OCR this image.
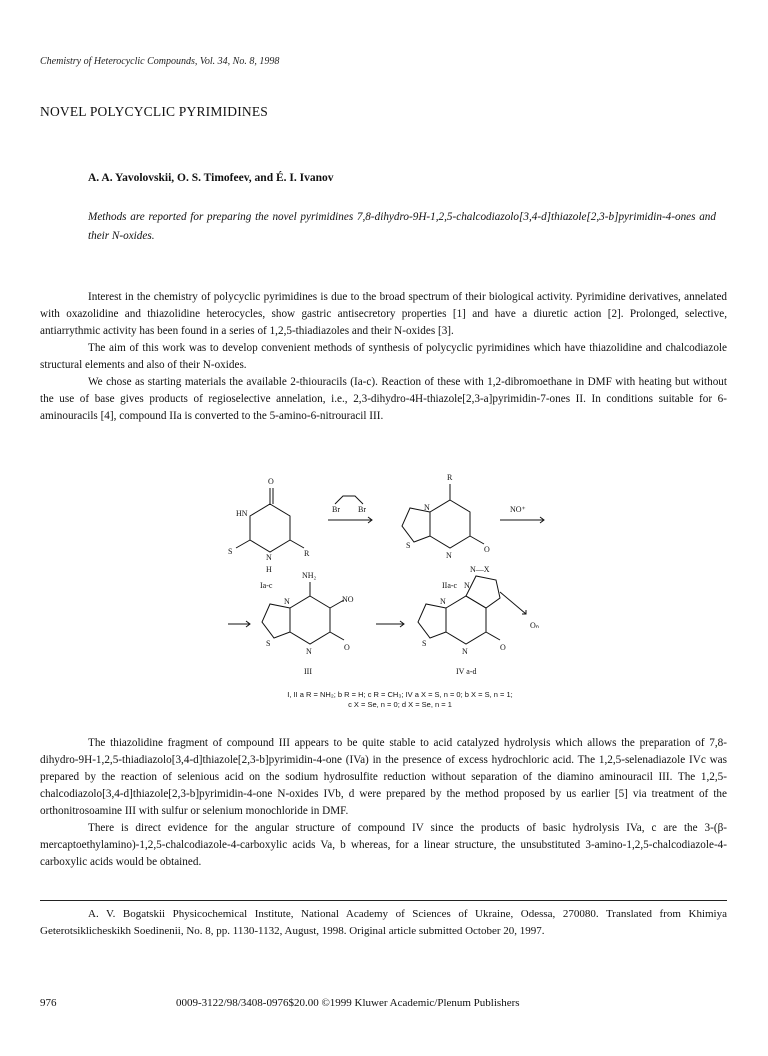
Chemistry of Heterocyclic Compounds, Vol. 34, No. 8, 1998
NOVEL POLYCYCLIC PYRIMIDINES
A. A. Yavolovskii, O. S. Timofeev, and É. I. Ivanov
Methods are reported for preparing the novel pyrimidines 7,8-dihydro-9H-1,2,5-chalcodiazolo[3,4-d]thiazole[2,3-b]pyrimidin-4-ones and their N-oxides.

Interest in the chemistry of polycyclic pyrimidines is due to the broad spectrum of their biological activity. Pyrimidine derivatives, annelated with oxazolidine and thiazolidine heterocycles, show gastric antisecretory properties [1] and have a diuretic action [2]. Prolonged, selective, antiarrythmic activity has been found in a series of 1,2,5-thiadiazoles and their N-oxides [3].

The aim of this work was to develop convenient methods of synthesis of polycyclic pyrimidines which have thiazolidine and chalcodiazole structural elements and also of their N-oxides.

We chose as starting materials the available 2-thiouracils (Ia-c). Reaction of these with 1,2-dibromoethane in DMF with heating but without the use of base gives products of regioselective annelation, i.e., 2,3-dihydro-4H-thiazole[2,3-a]pyrimidin-7-ones II. In conditions suitable for 6-aminouracils [4], compound IIa is converted to the 5-amino-6-nitrouracil III.

O
HN
S
N
H
R
Ia-c
Br Br
R
N
S
N
O
IIa-c
NO⁺
NH₂
NO
N
S
N	O
III
N—X
N
N
S
N	O
Oₙ
IV a-d
I, II a R = NH₂; b R = H; c R = CH₃; IV a X = S, n = 0; b X = S, n = 1;
c X = Se, n = 0; d X = Se, n = 1

The thiazolidine fragment of compound III appears to be quite stable to acid catalyzed hydrolysis which allows the preparation of 7,8-dihydro-9H-1,2,5-thiadiazolo[3,4-d]thiazole[2,3-b]pyrimidin-4-one (IVa) in the presence of excess hydrochloric acid. The 1,2,5-selenadiazole IVc was prepared by the reaction of selenious acid on the sodium hydrosulfite reduction without separation of the diamino aminouracil III. The 1,2,5-chalcodiazolo[3,4-d]thiazole[2,3-b]pyrimidin-4-one N-oxides IVb, d were prepared by the method proposed by us earlier [5] via treatment of the orthonitrosoamine III with sulfur or selenium monochloride in DMF.

There is direct evidence for the angular structure of compound IV since the products of basic hydrolysis IVa, c are the 3-(β-mercaptoethylamino)-1,2,5-chalcodiazole-4-carboxylic acids Va, b whereas, for a linear structure, the unsubstituted 3-amino-1,2,5-chalcodiazole-4-carboxylic acids would be obtained.

A. V. Bogatskii Physicochemical Institute, National Academy of Sciences of Ukraine, Odessa, 270080. Translated from Khimiya Geterotsiklicheskikh Soedinenii, No. 8, pp. 1130-1132, August, 1998. Original article submitted October 20, 1997.

976	0009-3122/98/3408-0976$20.00 ©1999 Kluwer Academic/Plenum Publishers
